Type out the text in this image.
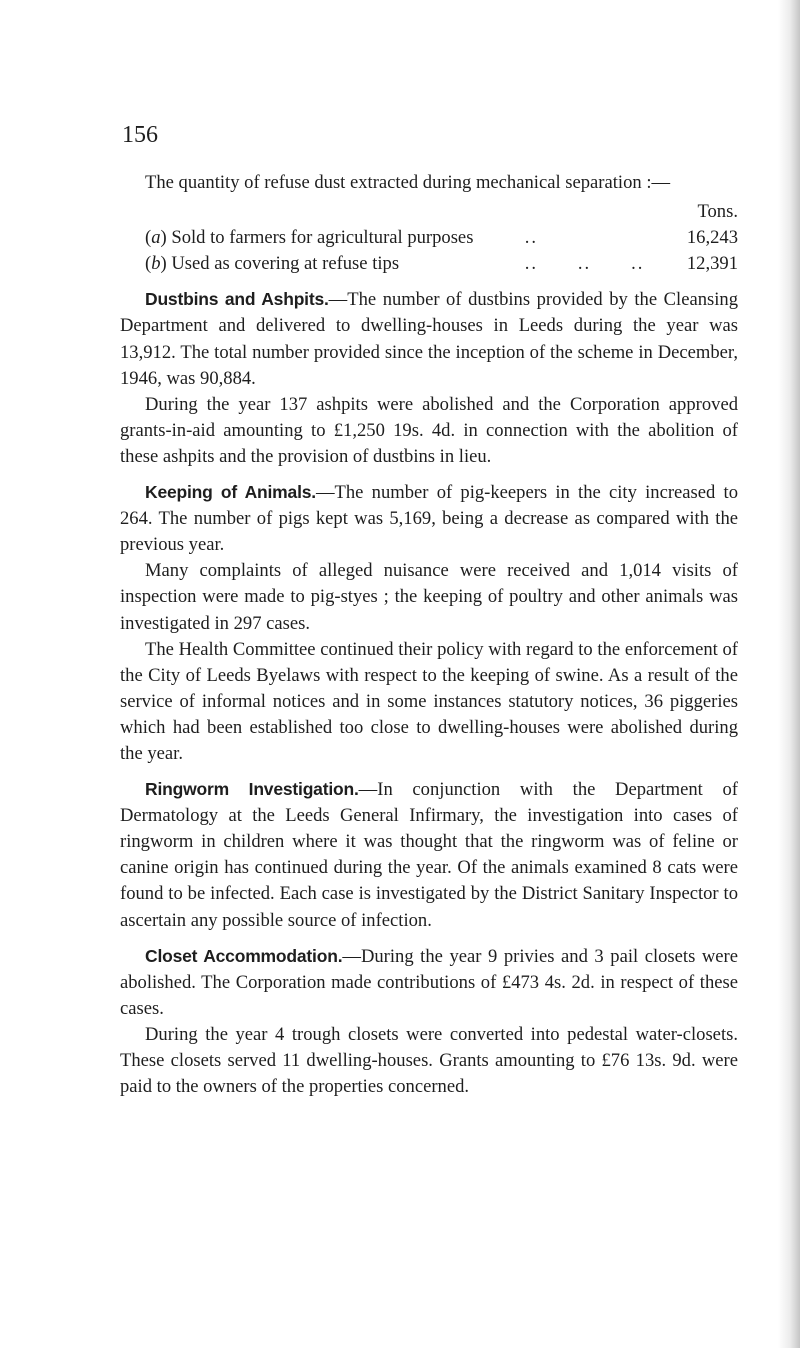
156

The quantity of refuse dust extracted during mechanical separation :—

Tons.
(a) Sold to farmers for agricultural purposes	..	16,243
(b) Used as covering at refuse tips	..      ..      ..	12,391

Dustbins and Ashpits.—The number of dustbins provided by the Cleansing Department and delivered to dwelling-houses in Leeds during the year was 13,912. The total number provided since the inception of the scheme in December, 1946, was 90,884.

During the year 137 ashpits were abolished and the Corporation approved grants-in-aid amounting to £1,250 19s. 4d. in connection with the abolition of these ashpits and the provision of dustbins in lieu.

Keeping of Animals.—The number of pig-keepers in the city increased to 264. The number of pigs kept was 5,169, being a decrease as compared with the previous year.

Many complaints of alleged nuisance were received and 1,014 visits of inspection were made to pig-styes ; the keeping of poultry and other animals was investigated in 297 cases.

The Health Committee continued their policy with regard to the enforcement of the City of Leeds Byelaws with respect to the keeping of swine. As a result of the service of informal notices and in some instances statutory notices, 36 piggeries which had been established too close to dwelling-houses were abolished during the year.

Ringworm Investigation.—In conjunction with the Department of Dermatology at the Leeds General Infirmary, the investigation into cases of ringworm in children where it was thought that the ringworm was of feline or canine origin has continued during the year. Of the animals examined 8 cats were found to be infected. Each case is investigated by the District Sanitary Inspector to ascertain any possible source of infection.

Closet Accommodation.—During the year 9 privies and 3 pail closets were abolished. The Corporation made contributions of £473 4s. 2d. in respect of these cases.

During the year 4 trough closets were converted into pedestal water-closets. These closets served 11 dwelling-houses. Grants amounting to £76 13s. 9d. were paid to the owners of the properties concerned.
